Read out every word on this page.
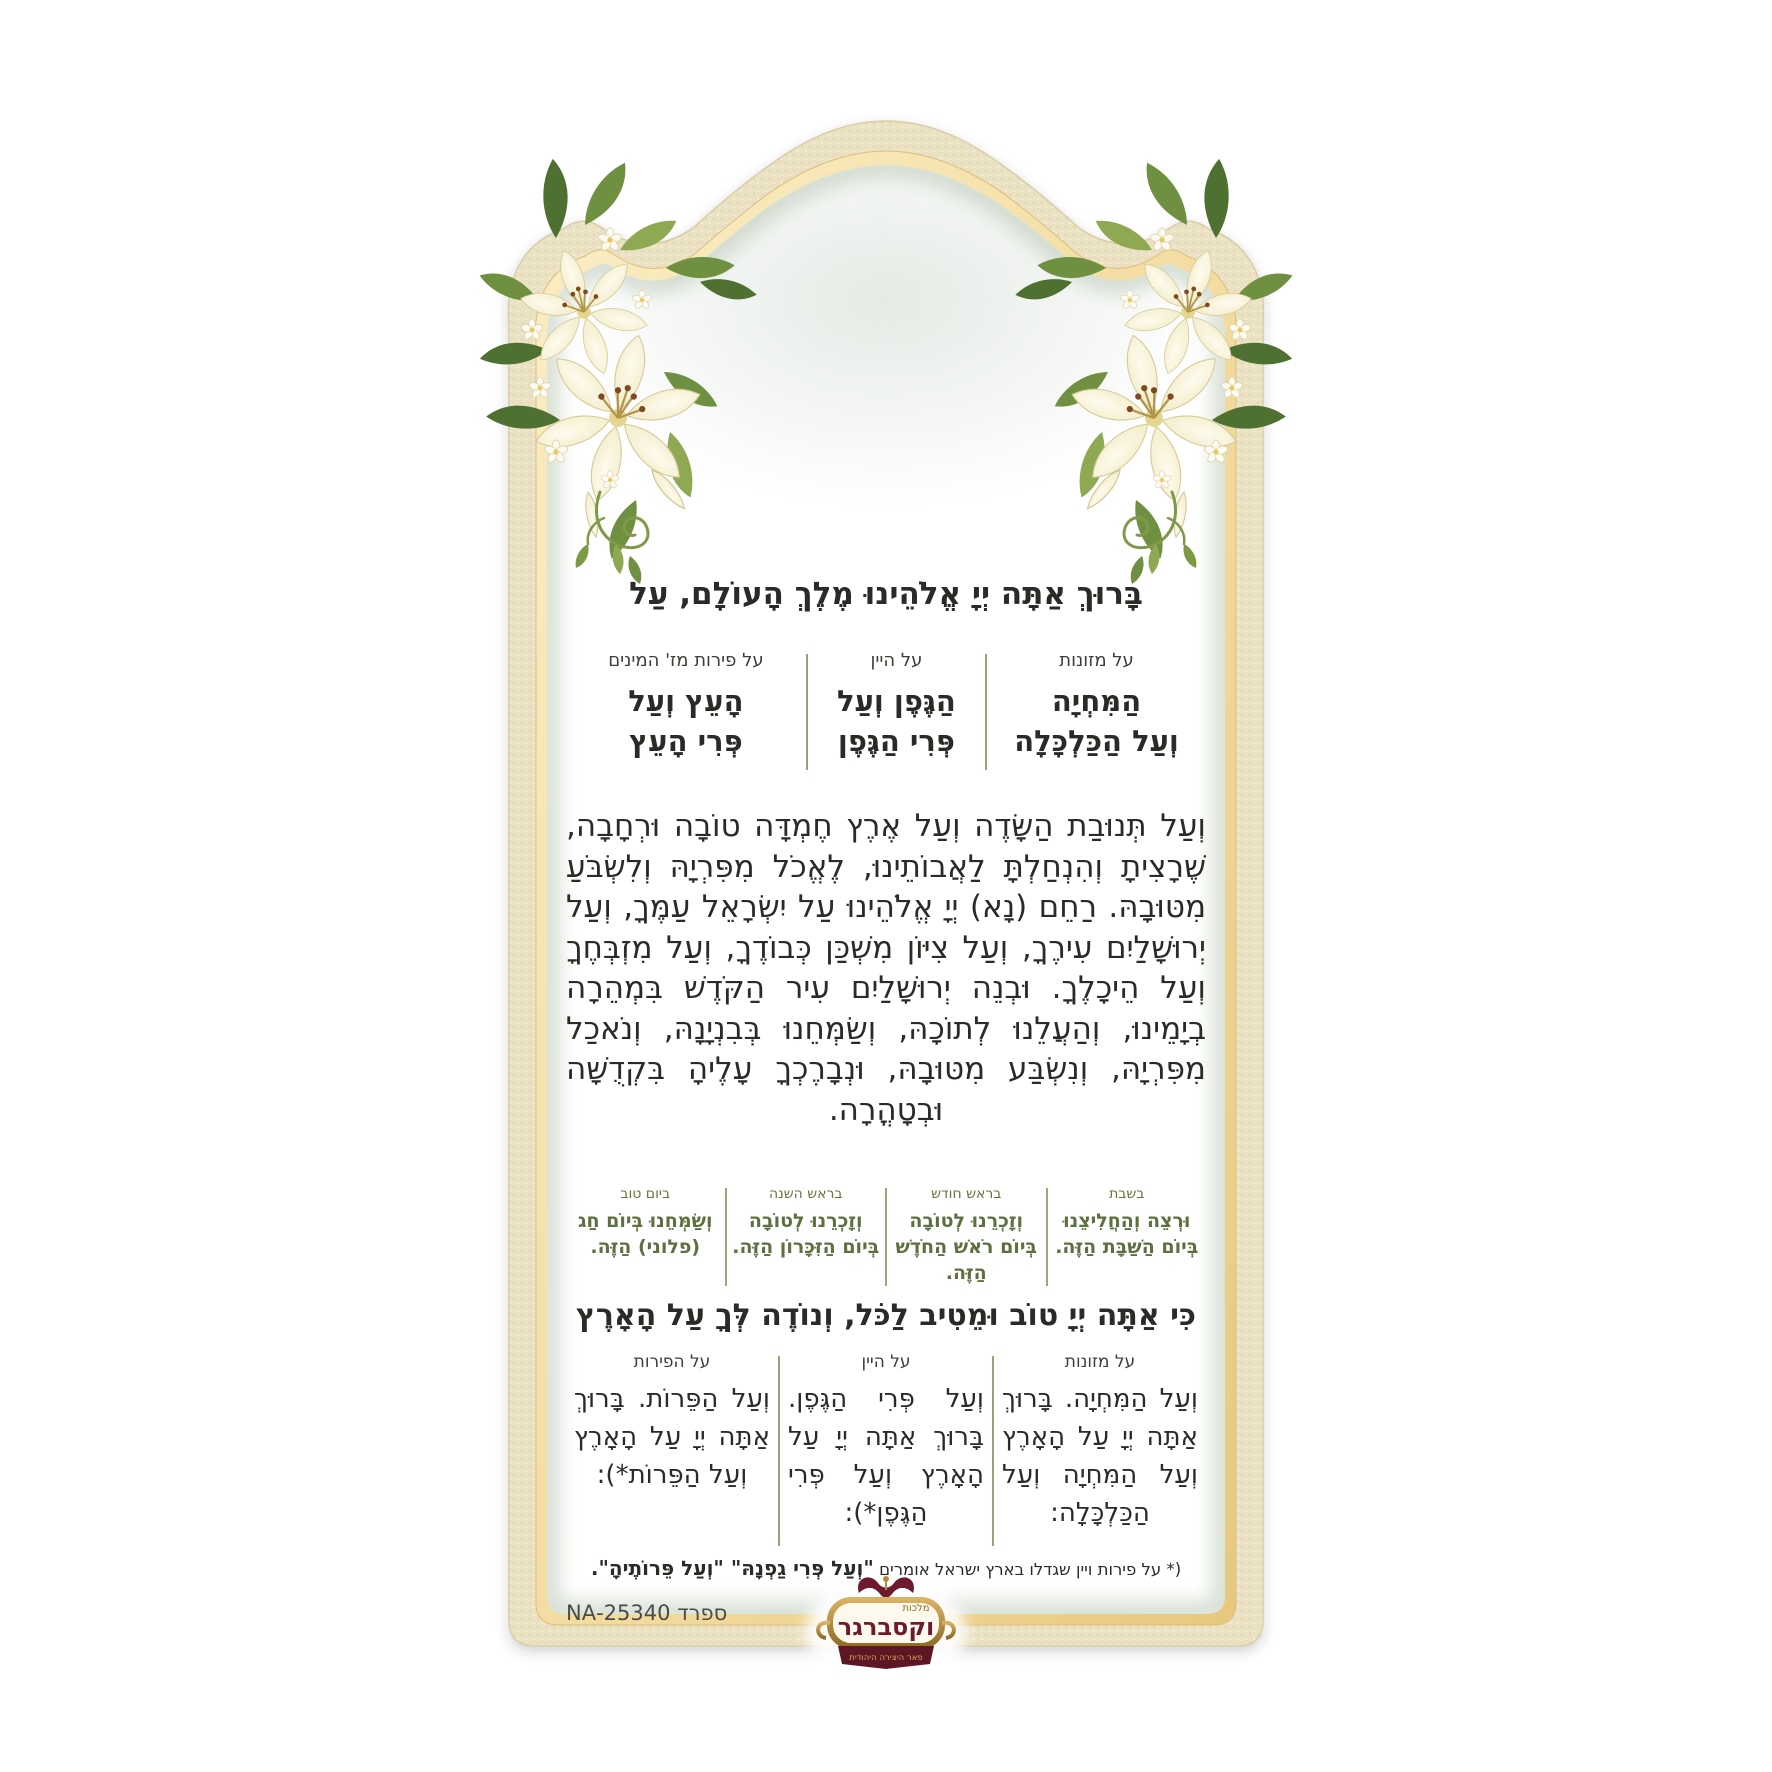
מלכות
וקסברגר
פאר היצירה היהודית
בָּרוּךְ אַתָּה יְיָ אֱלֹהֵינוּ מֶלֶךְ הָעוֹלָם, עַל
על מזונות
הַמִּחְיָה
וְעַל הַכַּלְכָּלָה
על היין
הַגֶּפֶן וְעַל
פְּרִי הַגֶּפֶן
על פירות מז' המינים
הָעֵץ וְעַל
פְּרִי הָעֵץ
וְעַל תְּנוּבַת הַשָּׂדֶה וְעַל אֶרֶץ חֶמְדָּה טוֹבָה וּרְחָבָה, שֶׁרָצִיתָ וְהִנְחַלְתָּ לַאֲבוֹתֵינוּ, לֶאֱכֹל מִפִּרְיָהּ וְלִשְׂבֹּעַ מִטּוּבָהּ. רַחֵם (נָא) יְיָ אֱלֹהֵינוּ עַל יִשְׂרָאֵל עַמֶּךָ, וְעַל יְרוּשָׁלַיִם עִירֶךָ, וְעַל צִיּוֹן מִשְׁכַּן כְּבוֹדֶךָ, וְעַל מִזְבְּחֶךָ וְעַל הֵיכָלֶךָ. וּבְנֵה יְרוּשָׁלַיִם עִיר הַקֹּדֶשׁ בִּמְהֵרָה בְיָמֵינוּ, וְהַעֲלֵנוּ לְתוֹכָהּ, וְשַׂמְּחֵנוּ בְּבִנְיָנָהּ, וְנֹאכַל מִפִּרְיָהּ, וְנִשְׂבַּע מִטּוּבָהּ, וּנְבָרֶכְךָ עָלֶיהָ בִּקְדֻשָּׁה וּבְטָהֳרָה.
בשבת
וּרְצֵה וְהַחֲלִיצֵנוּ בְּיוֹם הַשַּׁבָּת הַזֶּה.
בראש חודש
וְזָכְרֵנוּ לְטוֹבָה בְּיוֹם רֹאשׁ הַחֹדֶשׁ הַזֶּה.
בראש השנה
וְזָכְרֵנוּ לְטוֹבָה בְּיוֹם הַזִּכָּרוֹן הַזֶּה.
ביום טוב
וְשַׂמְּחֵנוּ בְּיוֹם חַג (פלוני) הַזֶּה.
כִּי אַתָּה יְיָ טוֹב וּמֵטִיב לַכֹּל, וְנוֹדֶה לְּךָ עַל הָאָרֶץ
על מזונות
וְעַל הַמִּחְיָה. בָּרוּךְ אַתָּה יְיָ עַל הָאָרֶץ וְעַל הַמִּחְיָה וְעַל הַכַּלְכָּלָה:
על היין
וְעַל פְּרִי הַגֶּפֶן. בָּרוּךְ אַתָּה יְיָ עַל הָאָרֶץ וְעַל פְּרִי הַגֶּפֶן*):
על הפירות
וְעַל הַפֵּרוֹת. בָּרוּךְ אַתָּה יְיָ עַל הָאָרֶץ וְעַל הַפֵּרוֹת*):
*) על פירות ויין שגדלו בארץ ישראל אומרים "וְעַל פְּרִי גַפְנָהּ" "וְעַל פֵּרוֹתֶיהָ".
ספרד 25340-NA
